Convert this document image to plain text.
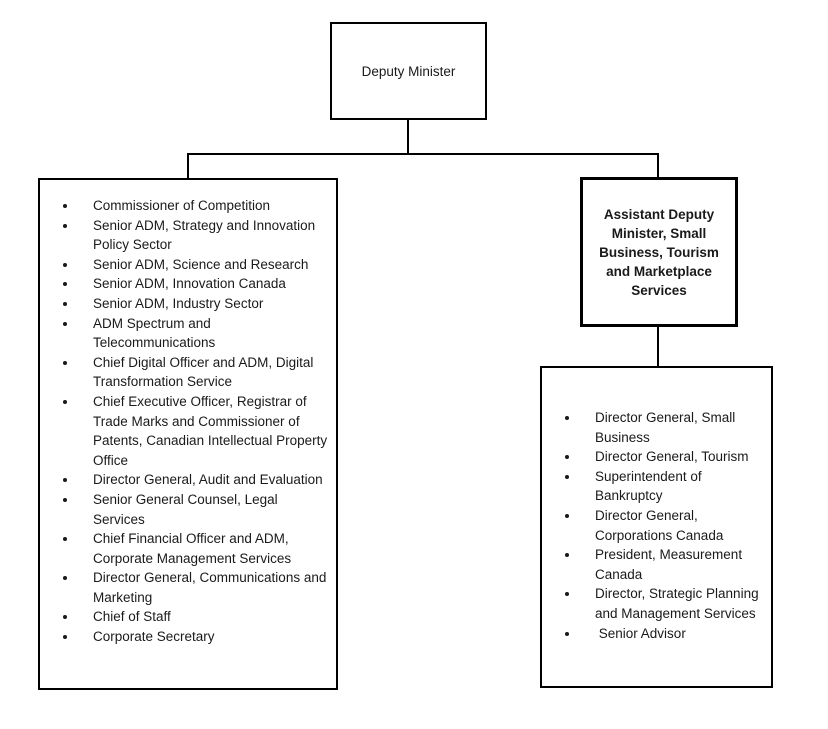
Deputy Minister
• Commissioner of Competition
• Senior ADM, Strategy and Innovation Policy Sector
• Senior ADM, Science and Research
• Senior ADM, Innovation Canada
• Senior ADM, Industry Sector
• ADM Spectrum and Telecommunications
• Chief Digital Officer and ADM, Digital Transformation Service
• Chief Executive Officer, Registrar of Trade Marks and Commissioner of Patents, Canadian Intellectual Property Office
• Director General, Audit and Evaluation
• Senior General Counsel, Legal Services
• Chief Financial Officer and ADM, Corporate Management Services
• Director General, Communications and Marketing
• Chief of Staff
• Corporate Secretary
Assistant Deputy Minister, Small Business, Tourism and Marketplace Services
• Director General, Small Business
• Director General, Tourism
• Superintendent of Bankruptcy
• Director General, Corporations Canada
• President, Measurement Canada
• Director, Strategic Planning and Management Services
•  Senior Advisor
